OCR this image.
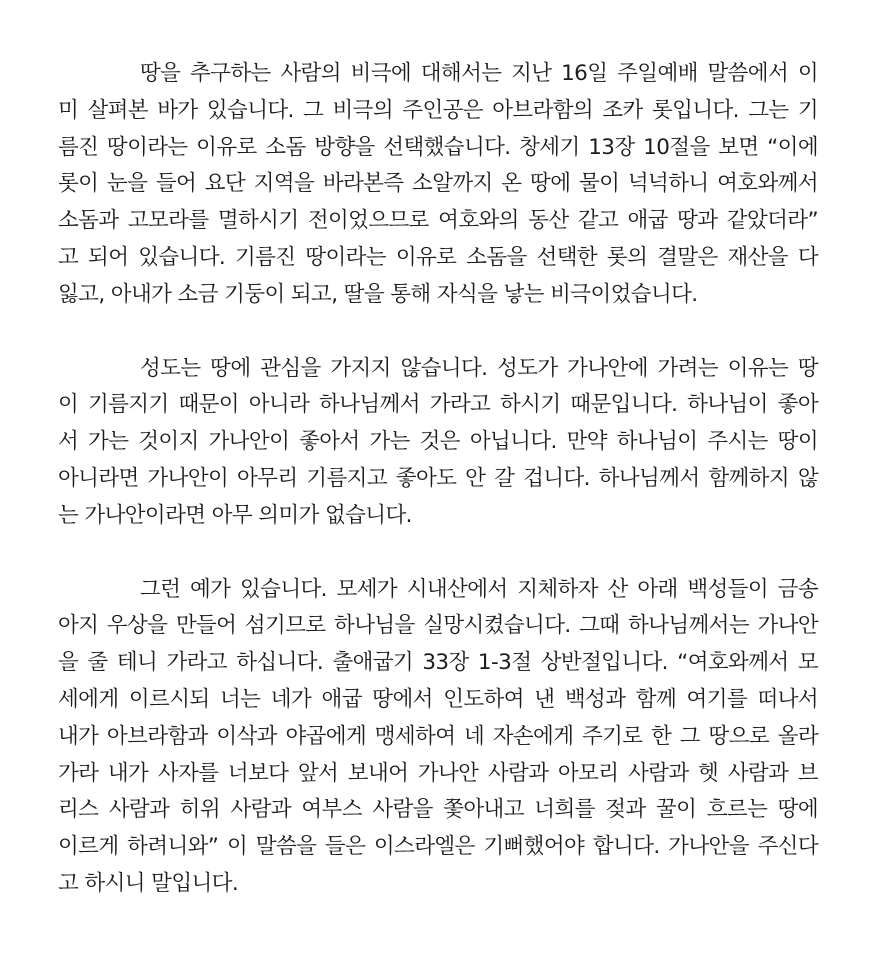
땅을 추구하는 사람의 비극에 대해서는 지난 16일 주일예배 말씀에서 이
미 살펴본 바가 있습니다. 그 비극의 주인공은 아브라함의 조카 롯입니다. 그는 기
름진 땅이라는 이유로 소돔 방향을 선택했습니다. 창세기 13장 10절을 보면 “이에
롯이 눈을 들어 요단 지역을 바라본즉 소알까지 온 땅에 물이 넉넉하니 여호와께서
소돔과 고모라를 멸하시기 전이었으므로 여호와의 동산 같고 애굽 땅과 같았더라”
고 되어 있습니다. 기름진 땅이라는 이유로 소돔을 선택한 롯의 결말은 재산을 다
잃고, 아내가 소금 기둥이 되고, 딸을 통해 자식을 낳는 비극이었습니다.

성도는 땅에 관심을 가지지 않습니다. 성도가 가나안에 가려는 이유는 땅
이 기름지기 때문이 아니라 하나님께서 가라고 하시기 때문입니다. 하나님이 좋아
서 가는 것이지 가나안이 좋아서 가는 것은 아닙니다. 만약 하나님이 주시는 땅이
아니라면 가나안이 아무리 기름지고 좋아도 안 갈 겁니다. 하나님께서 함께하지 않
는 가나안이라면 아무 의미가 없습니다.

그런 예가 있습니다. 모세가 시내산에서 지체하자 산 아래 백성들이 금송
아지 우상을 만들어 섬기므로 하나님을 실망시켰습니다. 그때 하나님께서는 가나안
을 줄 테니 가라고 하십니다. 출애굽기 33장 1-3절 상반절입니다. “여호와께서 모
세에게 이르시되 너는 네가 애굽 땅에서 인도하여 낸 백성과 함께 여기를 떠나서
내가 아브라함과 이삭과 야곱에게 맹세하여 네 자손에게 주기로 한 그 땅으로 올라
가라 내가 사자를 너보다 앞서 보내어 가나안 사람과 아모리 사람과 헷 사람과 브
리스 사람과 히위 사람과 여부스 사람을 쫓아내고 너희를 젖과 꿀이 흐르는 땅에
이르게 하려니와” 이 말씀을 들은 이스라엘은 기뻐했어야 합니다. 가나안을 주신다
고 하시니 말입니다.
